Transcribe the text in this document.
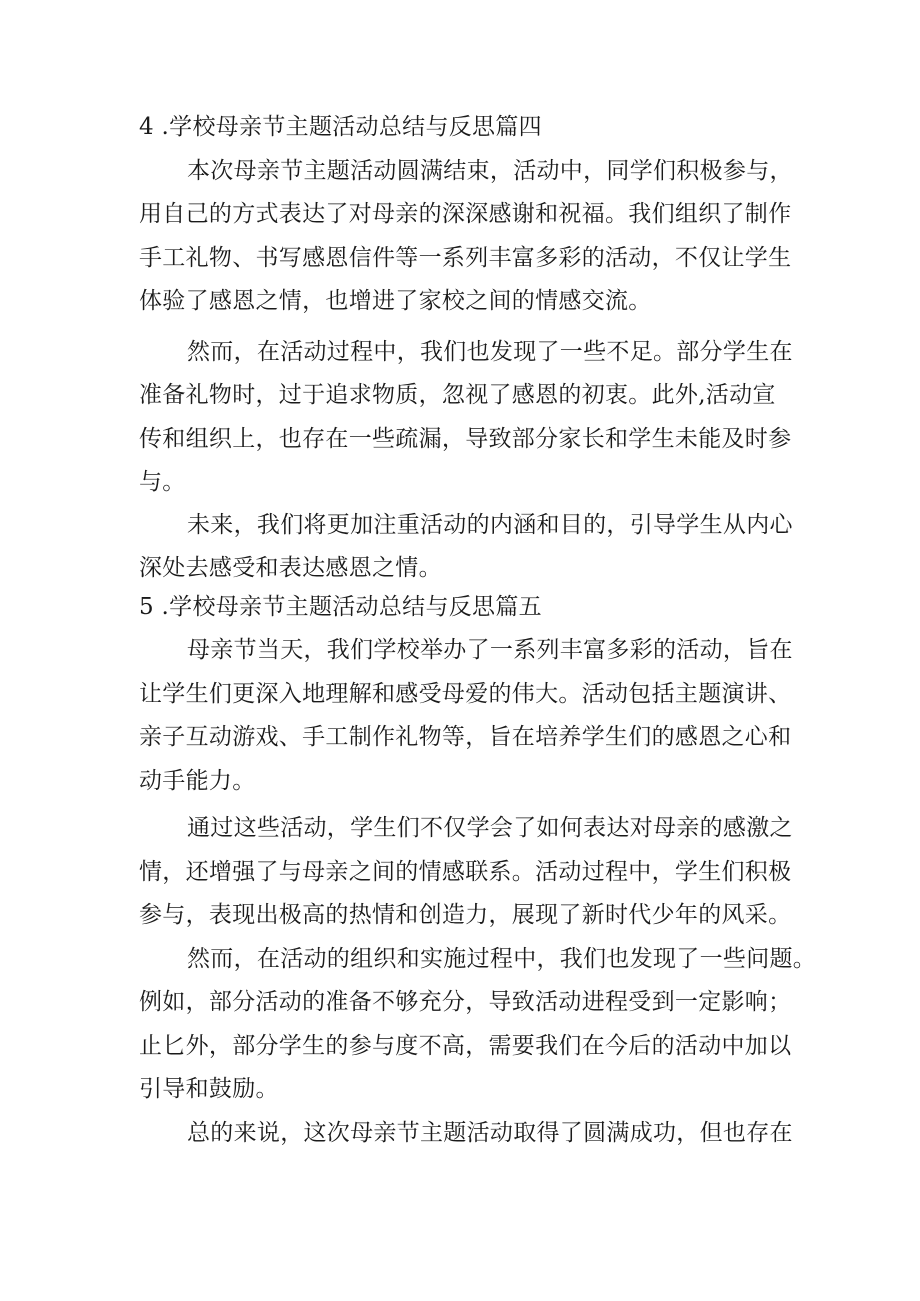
4 .学校母亲节主题活动总结与反思篇四
本次母亲节主题活动圆满结束，活动中，同学们积极参与，
用自己的方式表达了对母亲的深深感谢和祝福。我们组织了制作
手工礼物、书写感恩信件等一系列丰富多彩的活动，不仅让学生
体验了感恩之情，也增进了家校之间的情感交流。
然而，在活动过程中，我们也发现了一些不足。部分学生在
准备礼物时，过于追求物质，忽视了感恩的初衷。此外,活动宣
传和组织上，也存在一些疏漏，导致部分家长和学生未能及时参
与。
未来，我们将更加注重活动的内涵和目的，引导学生从内心
深处去感受和表达感恩之情。
5 .学校母亲节主题活动总结与反思篇五
母亲节当天，我们学校举办了一系列丰富多彩的活动，旨在
让学生们更深入地理解和感受母爱的伟大。活动包括主题演讲、
亲子互动游戏、手工制作礼物等，旨在培养学生们的感恩之心和
动手能力。
通过这些活动，学生们不仅学会了如何表达对母亲的感激之
情，还增强了与母亲之间的情感联系。活动过程中，学生们积极
参与，表现出极高的热情和创造力，展现了新时代少年的风采。
然而，在活动的组织和实施过程中，我们也发现了一些问题。
例如，部分活动的准备不够充分，导致活动进程受到一定影响；
止匕外，部分学生的参与度不高，需要我们在今后的活动中加以
引导和鼓励。
总的来说，这次母亲节主题活动取得了圆满成功，但也存在
